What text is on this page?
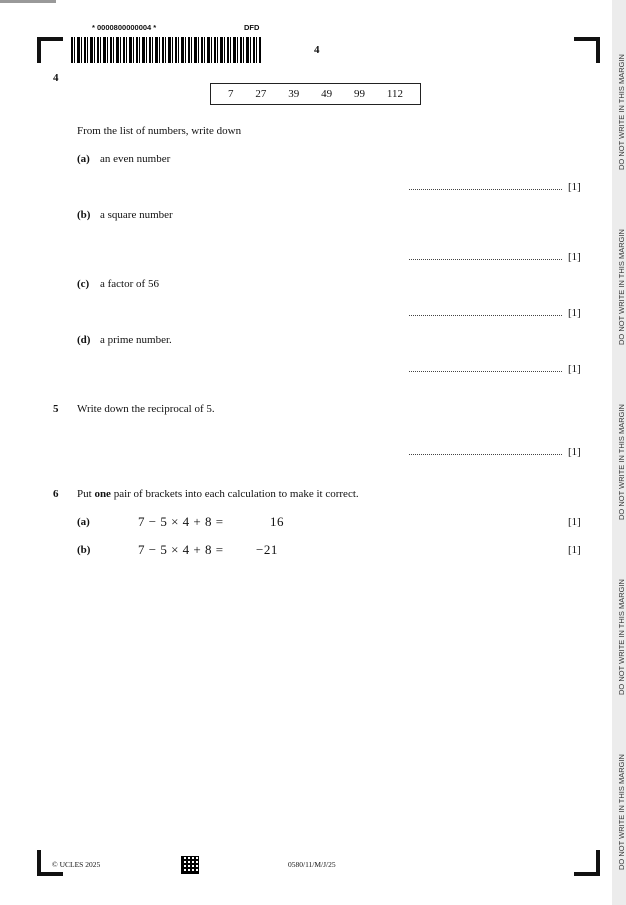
* 0000800000004 *	DFD
4
4
7 27 39 49 99 112
From the list of numbers, write down
(a) an even number
[1]
(b) a square number
[1]
(c) a factor of 56
[1]
(d) a prime number.
[1]
5 Write down the reciprocal of 5.
[1]
6 Put one pair of brackets into each calculation to make it correct.
(a)	7 − 5 × 4 + 8 =	16	[1]
(b)	7 − 5 × 4 + 8 = −21	[1]
DO NOT WRITE IN THIS MARGIN
DO NOT WRITE IN THIS MARGIN
DO NOT WRITE IN THIS MARGIN
DO NOT WRITE IN THIS MARGIN
DO NOT WRITE IN THIS MARGIN
© UCLES 2025	0580/11/M/J/25
